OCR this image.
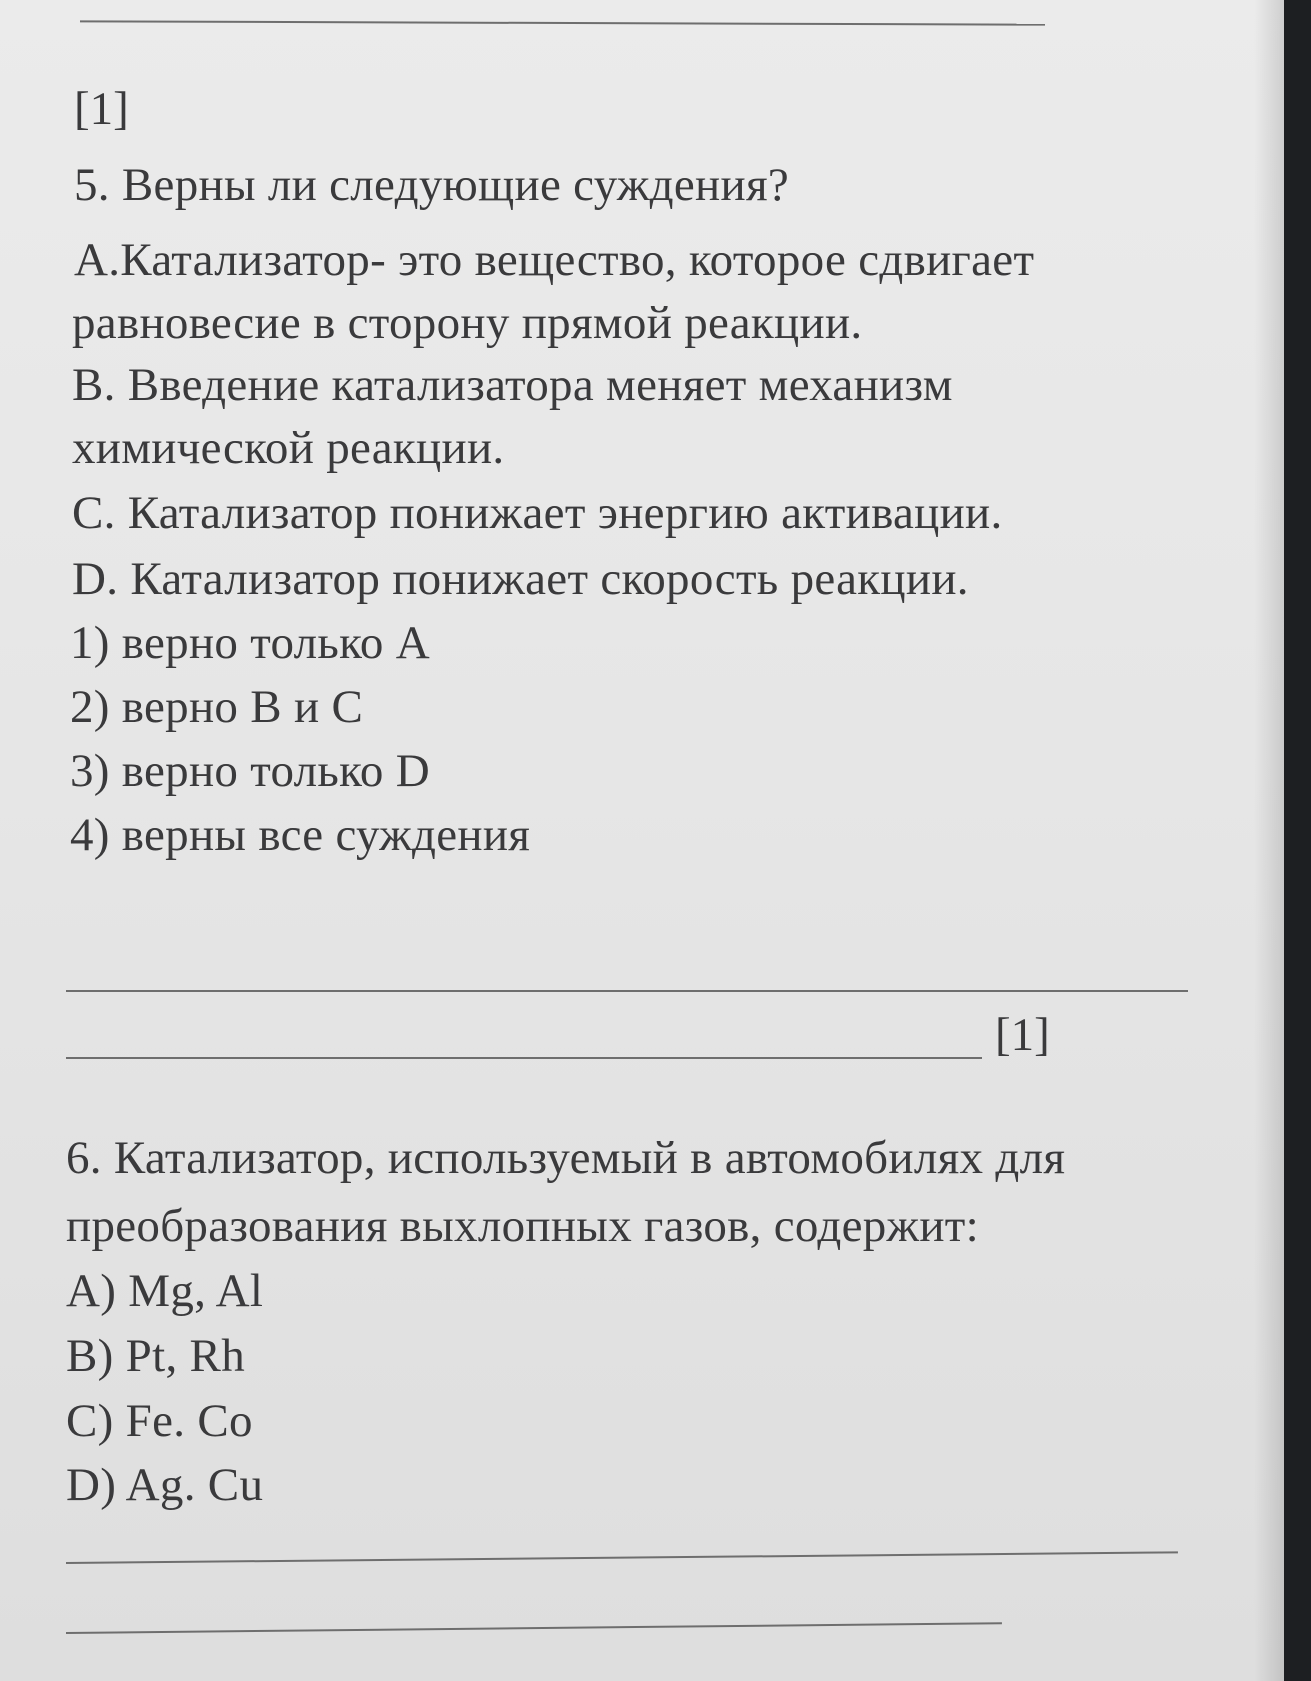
[1]
5. Верны ли следующие суждения?
A.Катализатор- это вещество, которое сдвигает
равновесие в сторону прямой реакции.
B. Введение катализатора меняет механизм
химической реакции.
C. Катализатор понижает энергию активации.
D. Катализатор понижает скорость реакции.
1) верно только A
2) верно B и C
3) верно только D
4) верны все суждения
[1]
6. Катализатор, используемый в автомобилях для
преобразования выхлопных газов, содержит:
A) Mg, Al
B) Pt, Rh
C) Fe. Co
D) Ag. Cu
